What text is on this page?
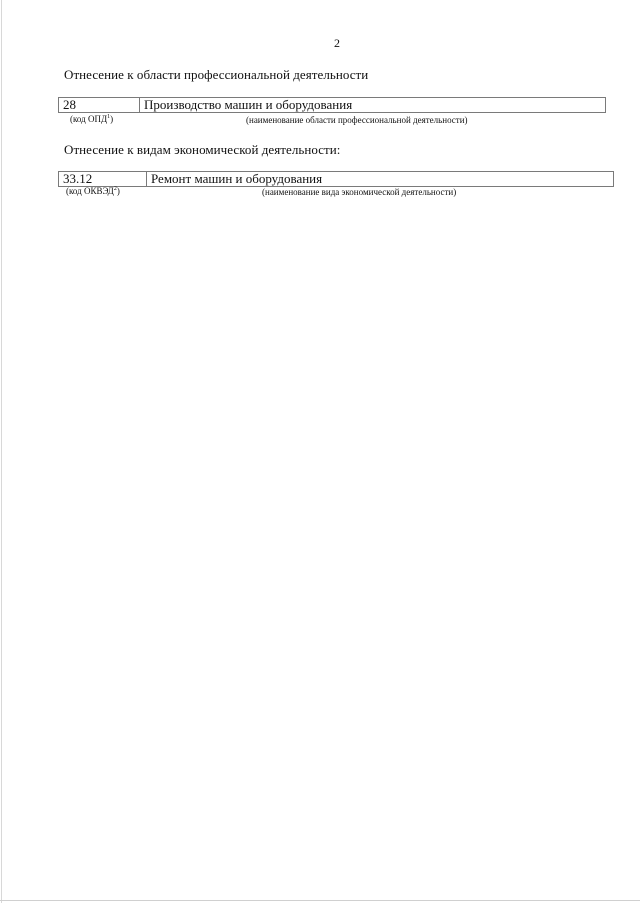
2
Отнесение к области профессиональной деятельности
28	Производство машин и оборудования
(код ОПД$^1$)	(наименование области профессиональной деятельности)
Отнесение к видам экономической деятельности:
33.12	Ремонт машин и оборудования
(код ОКВЭД$^2$)	(наименование вида экономической деятельности)
